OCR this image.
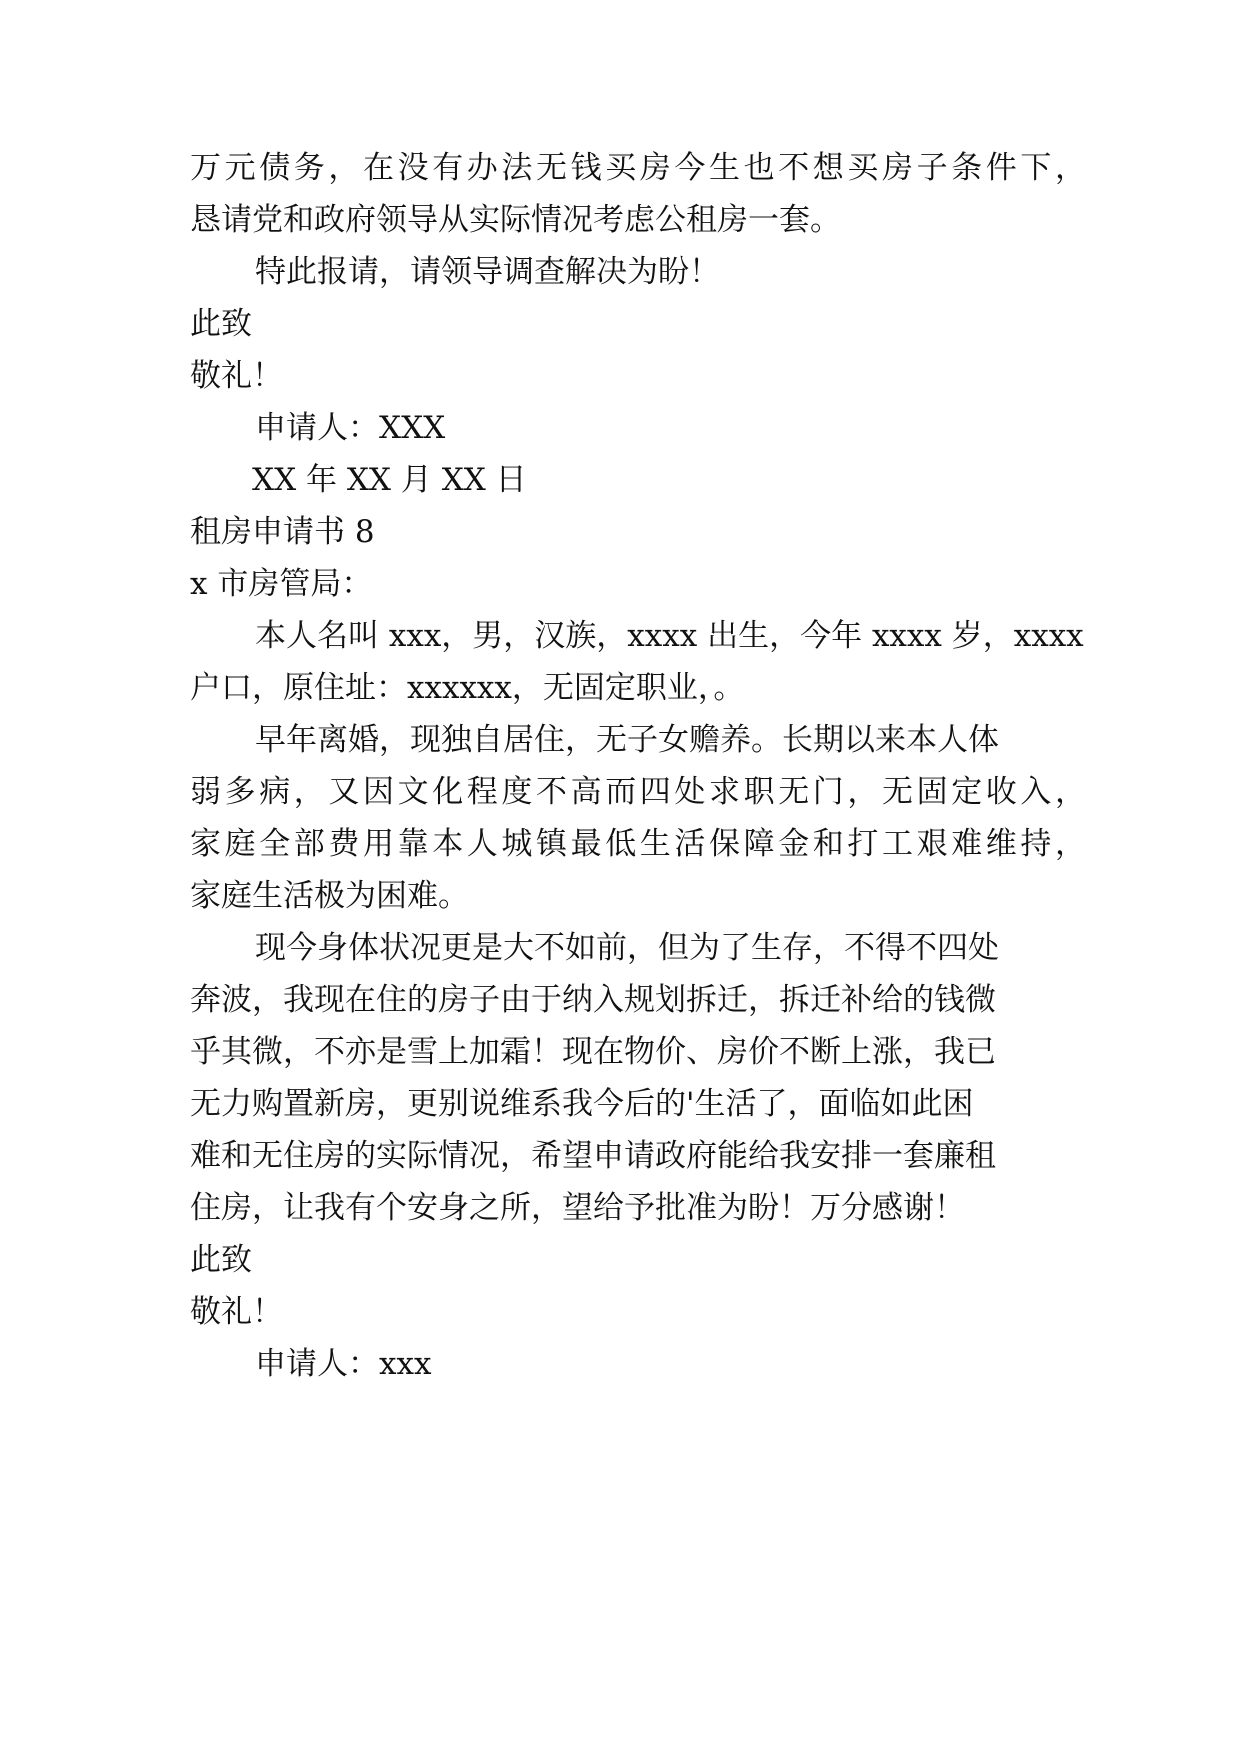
万元债务，在没有办法无钱买房今生也不想买房子条件下，
恳请党和政府领导从实际情况考虑公租房一套。
特此报请，请领导调查解决为盼！
此致
敬礼！
申请人：XXX
XX 年 XX 月 XX 日
租房申请书 8
x 市房管局：
本人名叫 xxx，男，汉族，xxxx 出生，今年 xxxx 岁，xxxx
户口，原住址：xxxxxx，无固定职业，。
早年离婚，现独自居住，无子女赡养。长期以来本人体
弱多病，又因文化程度不高而四处求职无门，无固定收入，
家庭全部费用靠本人城镇最低生活保障金和打工艰难维持，
家庭生活极为困难。
现今身体状况更是大不如前，但为了生存，不得不四处
奔波，我现在住的房子由于纳入规划拆迁，拆迁补给的钱微
乎其微，不亦是雪上加霜！现在物价、房价不断上涨，我已
无力购置新房，更别说维系我今后的'生活了，面临如此困
难和无住房的实际情况，希望申请政府能给我安排一套廉租
住房，让我有个安身之所，望给予批准为盼！万分感谢！
此致
敬礼！
申请人：xxx
